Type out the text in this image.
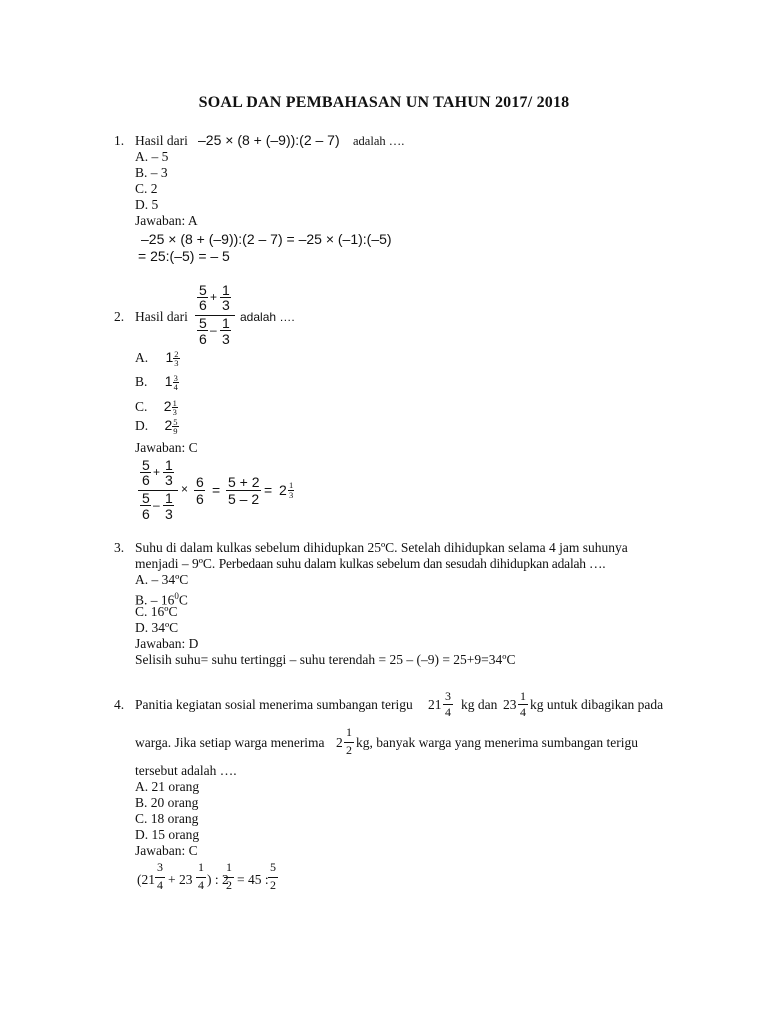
SOAL DAN PEMBAHASAN UN TAHUN 2017/ 2018
1. Hasil dari –25 × (8 + (–9)):(2 – 7) adalah ….
A. – 5
B. – 3
C. 2
D. 5
Jawaban: A
–25 × (8 + (–9)):(2 – 7) = –25 × (–1):(–5)
= 25:(–5) = – 5
2. Hasil dari
5
6 + 1
3
5
6
– 1
3
adalah ….
A. $1 \frac{2}{3}$
B. $1 \frac{3}{4}$
C. $2 \frac{1}{3}$
D. $2 \frac{5}{9}$
Jawaban: C
5
6 + 1
3
5
6
– 1
3
× 6
6
= 5 + 2
5 – 2
= $2 \frac{1}{3}$
3. Suhu di dalam kulkas sebelum dihidupkan 25ºC. Setelah dihidupkan selama 4 jam suhunya
menjadi – 9ºC. Perbedaan suhu dalam kulkas sebelum dan sesudah dihidupkan adalah ….
A. – 34ºC
B. – $16^0C$
C. 16ºC
D. 34ºC
Jawaban: D
Selisih suhu= suhu tertinggi – suhu terendah = 25 – (–9) = 25+9=34ºC
4. Panitia kegiatan sosial menerima sumbangan terigu 21
3
4 kg dan 23
1
4 kg untuk dibagikan pada
warga. Jika setiap warga menerima 2
1
2 kg, banyak warga yang menerima sumbangan terigu
tersebut adalah ….
A. 21 orang
B. 20 orang
C. 18 orang
D. 15 orang
Jawaban: C
(21
3
4 + 23
1
4 ) : 2
1
2 = 45 :
5
2
